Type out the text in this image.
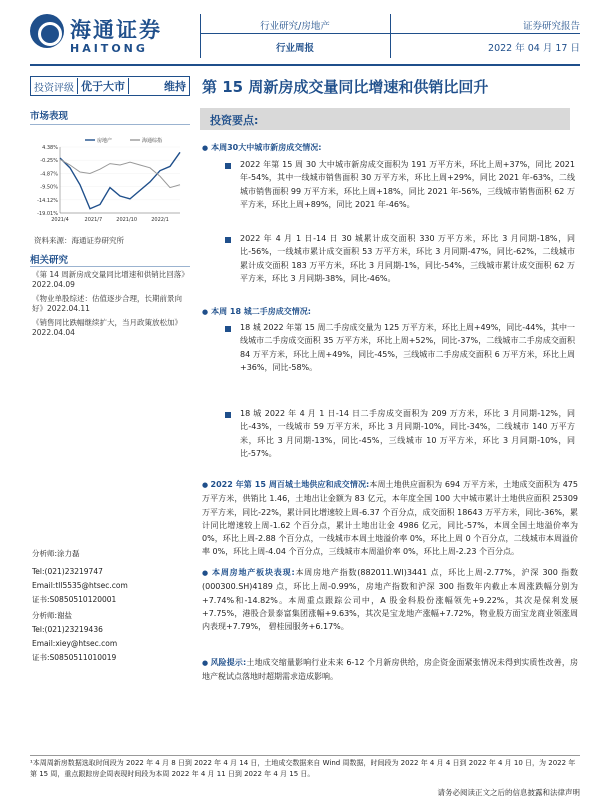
海通证券
HAITONG
行业研究/房地产
行业周报
证券研究报告
2022 年 04 月 17 日
投资评级 优于大市	维持 第 15 周新房成交量同比增速和供销比回升
市场表现
4.38%
-0.25%
-4.87%
-9.50%
-14.12%
-19.01%
2021/4	2021/7	2021/10	2022/1
房地产	海通综指
资料来源：海通证券研究所
相关研究
《第 14 周新房成交量同比增速和供销比回落》2022.04.09
《物业单股综述：估值逐步合理，长期前景向好》2022.04.11
《销售同比跌幅继续扩大，当月政策放松加》2022.04.04
分析师:涂力磊
Tel:(021)23219747
Email:tll5535@htsec.com
证书:S0850510120001
分析师:谢盐
Tel:(021)23219436
Email:xiey@htsec.com
证书:S0850511010019
投资要点:
● 本周30大中城市新房成交情况:
2022 年第 15 周 30 大中城市新房成交面积为 191 万平方米，环比上周+37%，同比 2021 年-54%，其中一线城市销售面积 30 万平方米，环比上周+29%，同比 2021 年-63%，二线城市销售面积 99 万平方米，环比上周+18%，同比 2021 年-56%，三线城市销售面积 62 万平方米，环比上周+89%，同比 2021 年-46%。
2022 年 4 月 1 日-14 日 30 城累计成交面积 330 万平方米，环比 3 月同期-18%，同比-56%，一线城市累计成交面积 53 万平方米，环比 3 月同期-47%，同比-62%，二线城市累计成交面积 183 万平方米，环比 3 月同期-1%，同比-54%，三线城市累计成交面积 62 万平方米，环比 3 月同期-38%，同比-46%。
● 本周 18 城二手房成交情况:
18 城 2022 年第 15 周二手房成交量为 125 万平方米，环比上周+49%，同比-44%，其中一线城市二手房成交面积 35 万平方米，环比上周+52%，同比-37%，二线城市二手房成交面积 84 万平方米，环比上周+49%，同比-45%，三线城市二手房成交面积 6 万平方米，环比上周+36%，同比-58%。
18 城 2022 年 4 月 1 日-14 日二手房成交面积为 209 万方米，环比 3 月同期-12%，同比-43%，一线城市 59 万平方米，环比 3 月同期-10%，同比-34%，二线城市 140 万平方米，环比 3 月同期-13%，同比-45%，三线城市 10 万平方米，环比 3 月同期-10%，同比-57%。
● 2022 年第 15 周百城土地供应和成交情况:本周土地供应面积为 694 万平方米，土地成交面积为 475 万平方米，供销比 1.46，土地出让金额为 83 亿元，本年度全国 100 大中城市累计土地供应面积 25309 万平方米，同比-22%，累计同比增速较上周-6.37 个百分点，成交面积 18643 万平方米，同比-36%，累计同比增速较上周-1.62 个百分点，累计土地出让金 4986 亿元，同比-57%，本周全国土地溢价率为 0%，环比上周-2.88 个百分点，一线城市本周土地溢价率 0%，环比上周 0 个百分点，二线城市本周溢价率 0%，环比上周-4.04 个百分点，三线城市本周溢价率 0%，环比上周-2.23 个百分点。
● 本周房地产板块表现:本周房地产指数(882011.WI)3441 点，环比上周-2.77%，沪深 300 指数(000300.SH)4189 点，环比上周-0.99%，房地产指数和沪深 300 指数年内截止本周涨跌幅分别为+7.74%和-14.82%。本周重点跟踪公司中，A 股金科股份涨幅领先+9.22%，其次是保利发展+7.75%，港股合景泰富集团涨幅+9.63%，其次是宝龙地产涨幅+7.72%，物业股方面宝龙商业领涨周内表现+7.79%， 碧桂园服务+6.17%。
● 风险提示:土地成交缩量影响行业未来 6-12 个月新房供给，房企资金面紧张情况未得到实质性改善，房地产税试点落地时超期需求造成影响。
¹本周周新房数据选取时间段为 2022 年 4 月 8 日到 2022 年 4 月 14 日，土地成交数据来自 Wind 周数据，时间段为 2022 年 4 月 4 日到 2022 年 4 月 10 日，为 2022 年第 15 周，重点跟踪房企周表现时间段为本周 2022 年 4 月 11 日到 2022 年 4 月 15 日。
请务必阅读正文之后的信息披露和法律声明
